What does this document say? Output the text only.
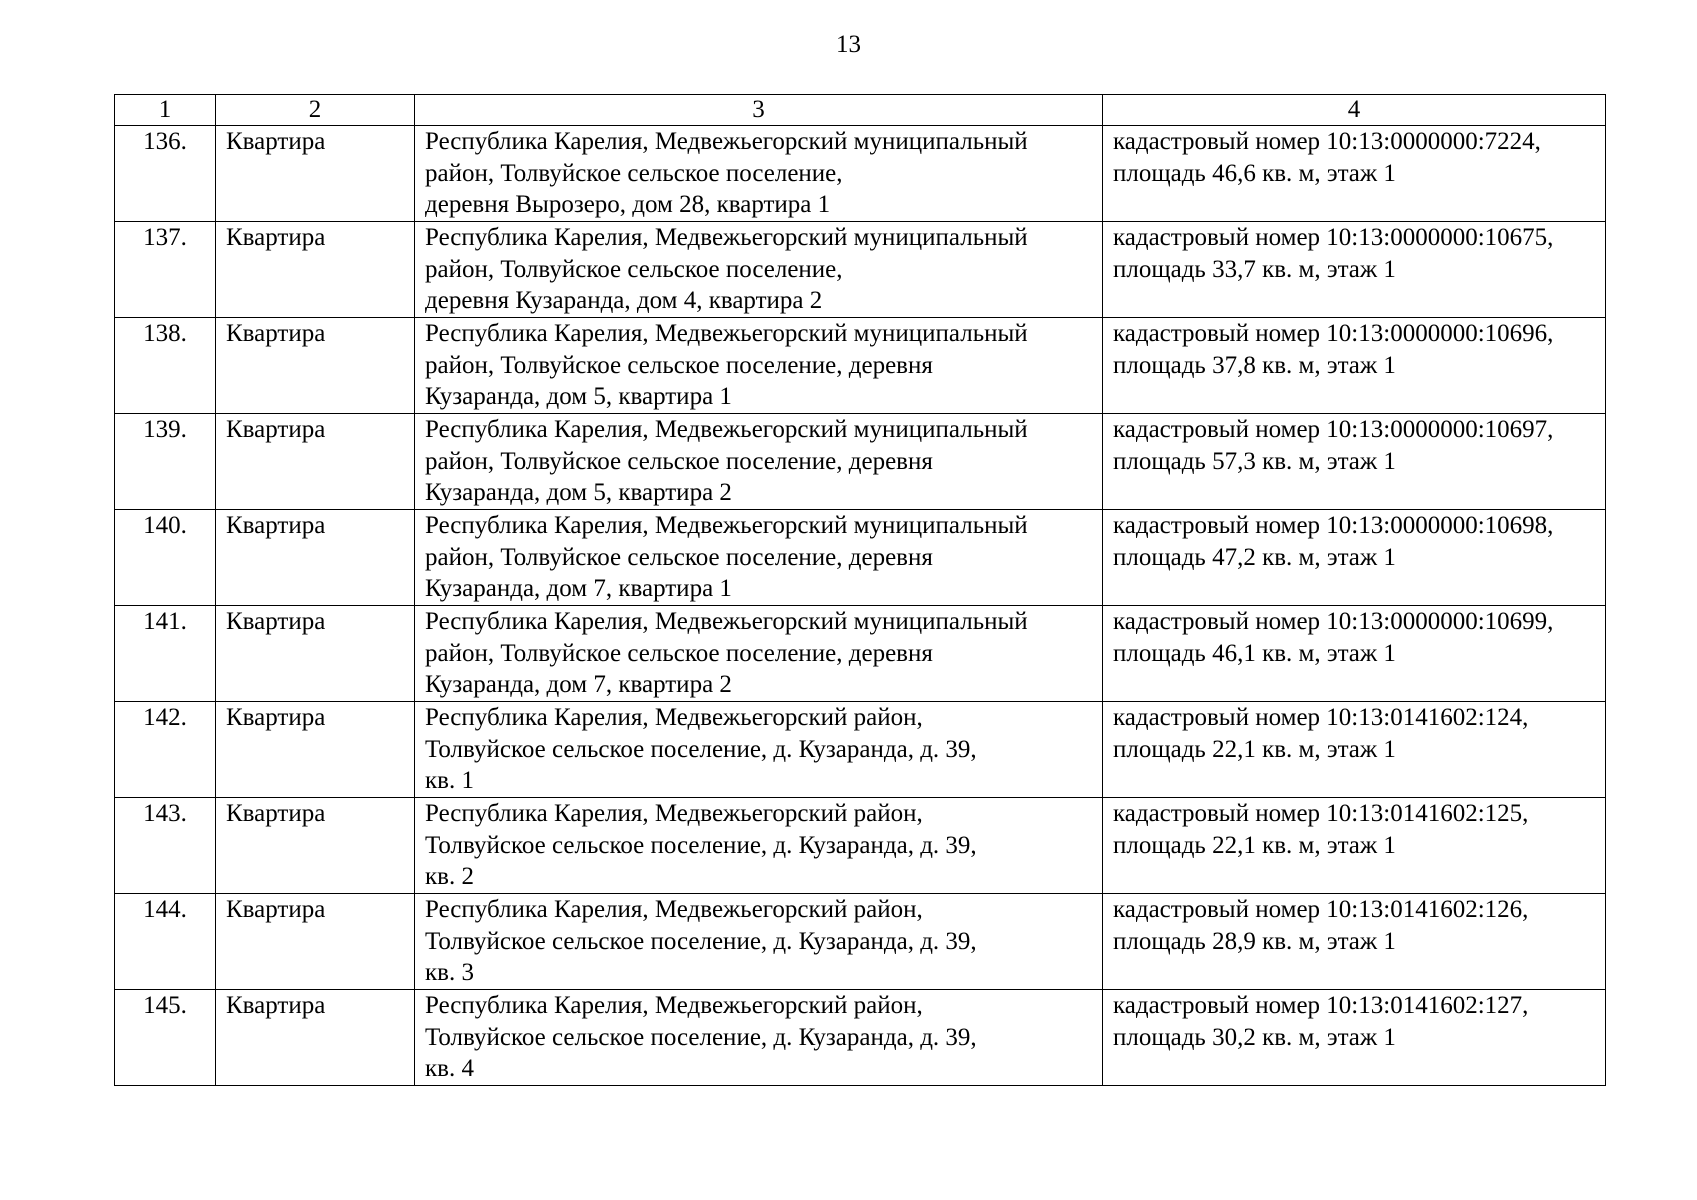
13
1	2	3	4
136.	Квартира	Республика Карелия, Медвежьегорский муниципальный
район, Толвуйское сельское поселение,
деревня Вырозеро, дом 28, квартира 1	кадастровый номер 10:13:0000000:7224, площадь 46,6 кв. м, этаж 1
137.	Квартира	Республика Карелия, Медвежьегорский муниципальный
район, Толвуйское сельское поселение,
деревня Кузаранда, дом 4, квартира 2	кадастровый номер 10:13:0000000:10675, площадь 33,7 кв. м, этаж 1
138.	Квартира	Республика Карелия, Медвежьегорский муниципальный
район, Толвуйское сельское поселение, деревня
Кузаранда, дом 5, квартира 1	кадастровый номер 10:13:0000000:10696, площадь 37,8 кв. м, этаж 1
139.	Квартира	Республика Карелия, Медвежьегорский муниципальный
район, Толвуйское сельское поселение, деревня
Кузаранда, дом 5, квартира 2	кадастровый номер 10:13:0000000:10697, площадь 57,3 кв. м, этаж 1
140.	Квартира	Республика Карелия, Медвежьегорский муниципальный
район, Толвуйское сельское поселение, деревня
Кузаранда, дом 7, квартира 1	кадастровый номер 10:13:0000000:10698, площадь 47,2 кв. м, этаж 1
141.	Квартира	Республика Карелия, Медвежьегорский муниципальный
район, Толвуйское сельское поселение, деревня
Кузаранда, дом 7, квартира 2	кадастровый номер 10:13:0000000:10699, площадь 46,1 кв. м, этаж 1
142.	Квартира	Республика Карелия, Медвежьегорский район,
Толвуйское сельское поселение, д. Кузаранда, д. 39,
кв. 1	кадастровый номер 10:13:0141602:124, площадь 22,1 кв. м, этаж 1
143.	Квартира	Республика Карелия, Медвежьегорский район,
Толвуйское сельское поселение, д. Кузаранда, д. 39,
кв. 2	кадастровый номер 10:13:0141602:125, площадь 22,1 кв. м, этаж 1
144.	Квартира	Республика Карелия, Медвежьегорский район,
Толвуйское сельское поселение, д. Кузаранда, д. 39,
кв. 3	кадастровый номер 10:13:0141602:126, площадь 28,9 кв. м, этаж 1
145.	Квартира	Республика Карелия, Медвежьегорский район,
Толвуйское сельское поселение, д. Кузаранда, д. 39,
кв. 4	кадастровый номер 10:13:0141602:127, площадь 30,2 кв. м, этаж 1
